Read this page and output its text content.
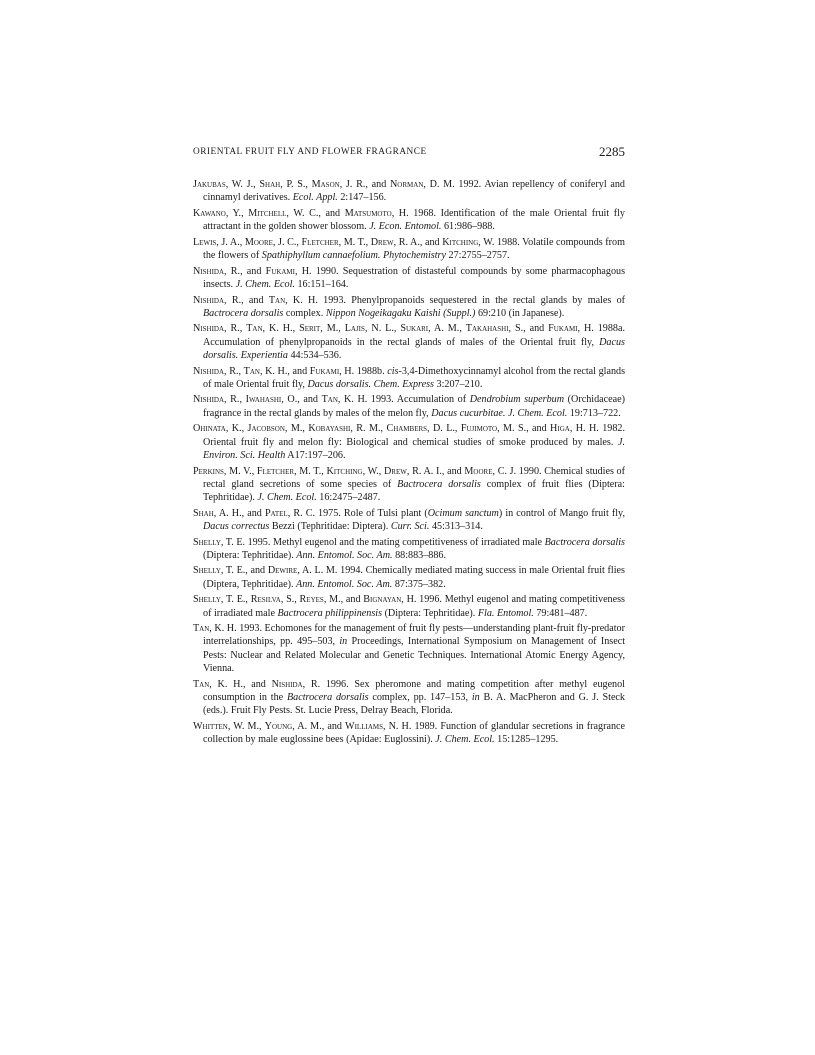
ORIENTAL FRUIT FLY AND FLOWER FRAGRANCE	2285

Jakubas, W. J., Shah, P. S., Mason, J. R., and Norman, D. M. 1992. Avian repellency of coniferyl and cinnamyl derivatives. Ecol. Appl. 2:147–156.

Kawano, Y., Mitchell, W. C., and Matsumoto, H. 1968. Identification of the male Oriental fruit fly attractant in the golden shower blossom. J. Econ. Entomol. 61:986–988.

Lewis, J. A., Moore, J. C., Fletcher, M. T., Drew, R. A., and Kitching, W. 1988. Volatile compounds from the flowers of Spathiphyllum cannaefolium. Phytochemistry 27:2755–2757.

Nishida, R., and Fukami, H. 1990. Sequestration of distasteful compounds by some pharmacophagous insects. J. Chem. Ecol. 16:151–164.

Nishida, R., and Tan, K. H. 1993. Phenylpropanoids sequestered in the rectal glands by males of Bactrocera dorsalis complex. Nippon Nogeikagaku Kaishi (Suppl.) 69:210 (in Japanese).

Nishida, R., Tan, K. H., Serit, M., Lajis, N. L., Sukari, A. M., Takahashi, S., and Fukami, H. 1988a. Accumulation of phenylpropanoids in the rectal glands of males of the Oriental fruit fly, Dacus dorsalis. Experientia 44:534–536.

Nishida, R., Tan, K. H., and Fukami, H. 1988b. cis-3,4-Dimethoxycinnamyl alcohol from the rectal glands of male Oriental fruit fly, Dacus dorsalis. Chem. Express 3:207–210.

Nishida, R., Iwahashi, O., and Tan, K. H. 1993. Accumulation of Dendrobium superbum (Orchidaceae) fragrance in the rectal glands by males of the melon fly, Dacus cucurbitae. J. Chem. Ecol. 19:713–722.

Ohinata, K., Jacobson, M., Kobayashi, R. M., Chambers, D. L., Fujimoto, M. S., and Higa, H. H. 1982. Oriental fruit fly and melon fly: Biological and chemical studies of smoke produced by males. J. Environ. Sci. Health A17:197–206.

Perkins, M. V., Fletcher, M. T., Kitching, W., Drew, R. A. I., and Moore, C. J. 1990. Chemical studies of rectal gland secretions of some species of Bactrocera dorsalis complex of fruit flies (Diptera: Tephritidae). J. Chem. Ecol. 16:2475–2487.

Shah, A. H., and Patel, R. C. 1975. Role of Tulsi plant (Ocimum sanctum) in control of Mango fruit fly, Dacus correctus Bezzi (Tephritidae: Diptera). Curr. Sci. 45:313–314.

Shelly, T. E. 1995. Methyl eugenol and the mating competitiveness of irradiated male Bactrocera dorsalis (Diptera: Tephritidae). Ann. Entomol. Soc. Am. 88:883–886.

Shelly, T. E., and Dewire, A. L. M. 1994. Chemically mediated mating success in male Oriental fruit flies (Diptera, Tephritidae). Ann. Entomol. Soc. Am. 87:375–382.

Shelly, T. E., Resilva, S., Reyes, M., and Bignayan, H. 1996. Methyl eugenol and mating competitiveness of irradiated male Bactrocera philippinensis (Diptera: Tephritidae). Fla. Entomol. 79:481–487.

Tan, K. H. 1993. Echomones for the management of fruit fly pests—understanding plant-fruit fly-predator interrelationships, pp. 495–503, in Proceedings, International Symposium on Management of Insect Pests: Nuclear and Related Molecular and Genetic Techniques. International Atomic Energy Agency, Vienna.

Tan, K. H., and Nishida, R. 1996. Sex pheromone and mating competition after methyl eugenol consumption in the Bactrocera dorsalis complex, pp. 147–153, in B. A. MacPheron and G. J. Steck (eds.). Fruit Fly Pests. St. Lucie Press, Delray Beach, Florida.

Whitten, W. M., Young, A. M., and Williams, N. H. 1989. Function of glandular secretions in fragrance collection by male euglossine bees (Apidae: Euglossini). J. Chem. Ecol. 15:1285–1295.
